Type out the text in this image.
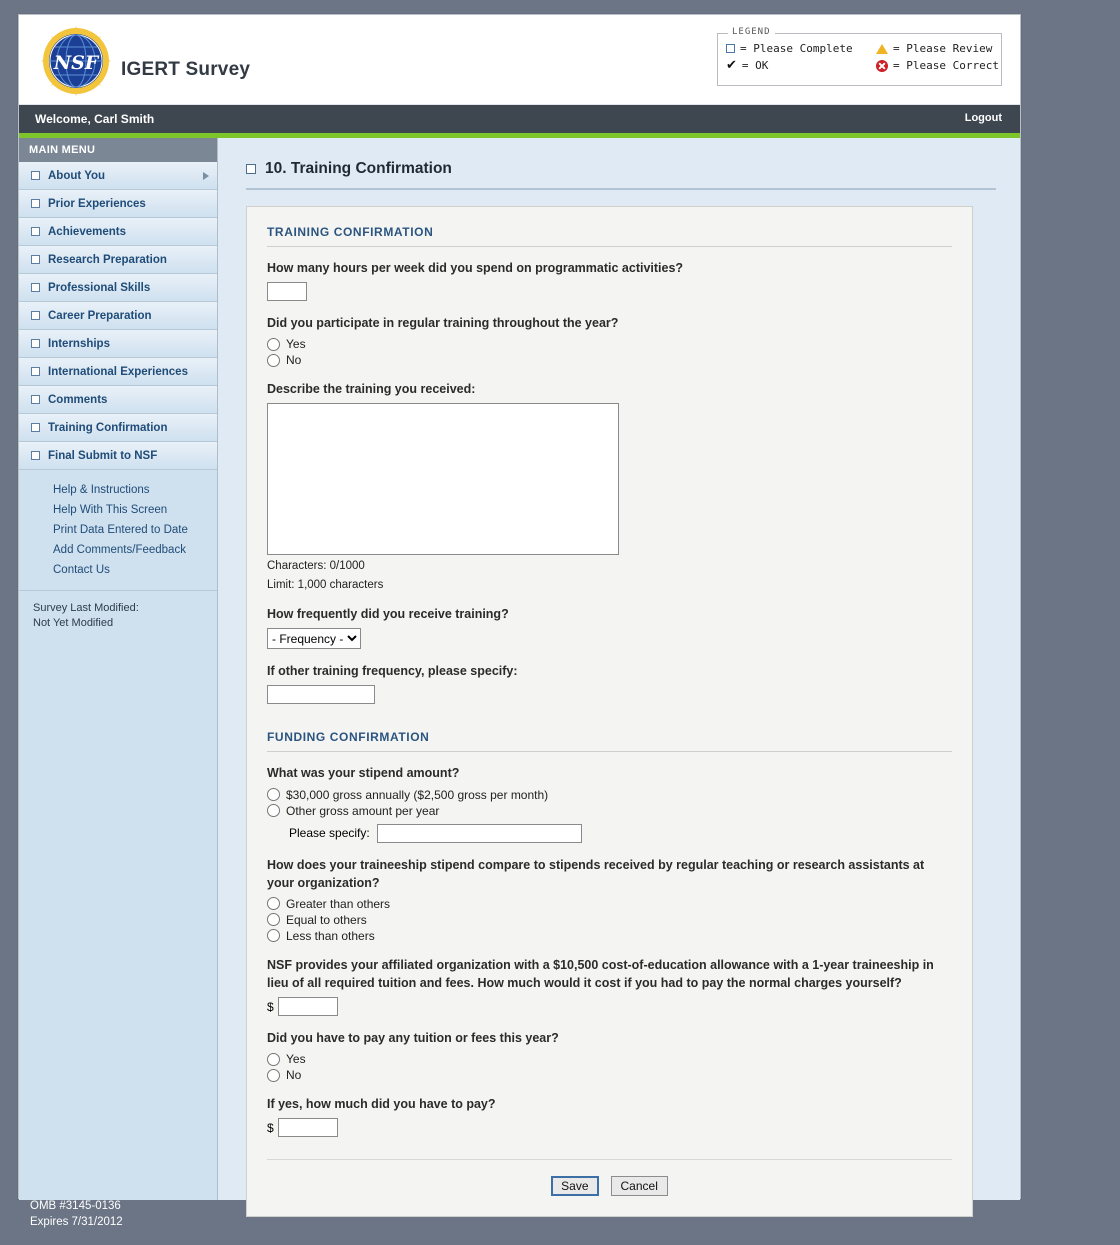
NSF IGERT Survey
LEGEND
= Please Complete	= Please Review
✔ = OK	= Please Correct
Welcome, Carl Smith	Logout
MAIN MENU
About You
Prior Experiences
Achievements
Research Preparation
Professional Skills
Career Preparation
Internships
International Experiences
Comments
Training Confirmation
Final Submit to NSF
Help & Instructions
Help With This Screen
Print Data Entered to Date
Add Comments/Feedback
Contact Us
Survey Last Modified:
Not Yet Modified
10. Training Confirmation
TRAINING CONFIRMATION
How many hours per week did you spend on programmatic activities?
Did you participate in regular training throughout the year?
Yes
No
Describe the training you received:
Characters: 0/1000
Limit: 1,000 characters
How frequently did you receive training?
- Frequency -
If other training frequency, please specify:
FUNDING CONFIRMATION
What was your stipend amount?
$30,000 gross annually ($2,500 gross per month)
Other gross amount per year
Please specify:
How does your traineeship stipend compare to stipends received by regular teaching or research assistants at your organization?
Greater than others
Equal to others
Less than others
NSF provides your affiliated organization with a $10,500 cost-of-education allowance with a 1-year traineeship in lieu of all required tuition and fees. How much would it cost if you had to pay the normal charges yourself?
$
Did you have to pay any tuition or fees this year?
Yes
No
If yes, how much did you have to pay?
$
Save	Cancel
OMB #3145-0136
Expires 7/31/2012
